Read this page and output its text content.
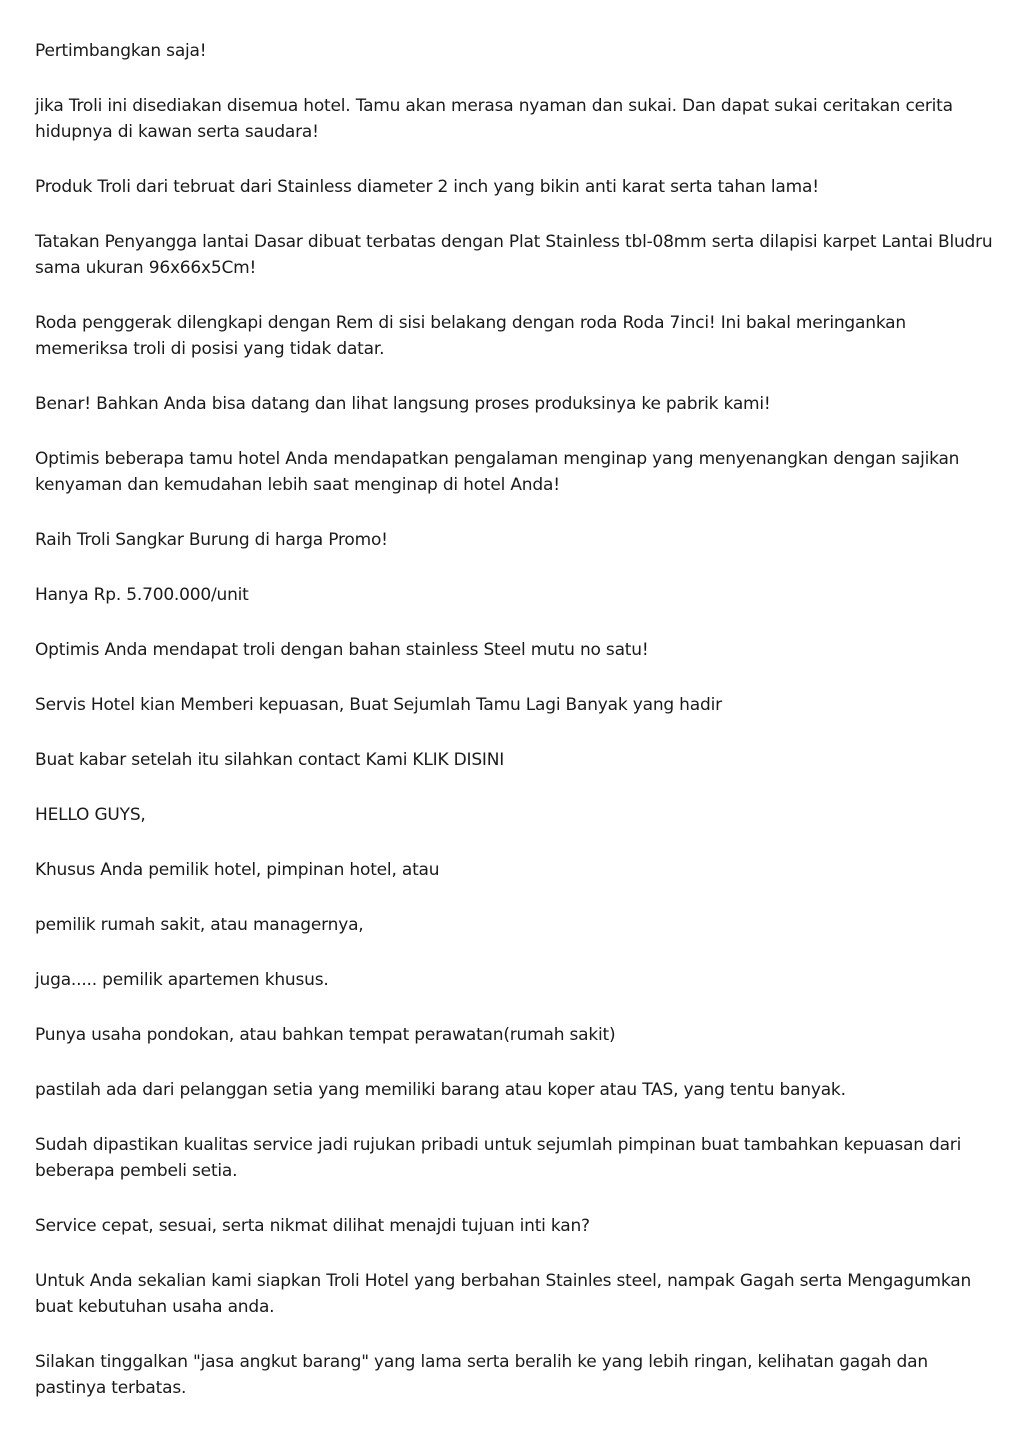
Pertimbangkan saja!

jika Troli ini disediakan disemua hotel. Tamu akan merasa nyaman dan sukai. Dan dapat sukai ceritakan cerita hidupnya di kawan serta saudara!

Produk Troli dari tebruat dari Stainless diameter 2 inch yang bikin anti karat serta tahan lama!

Tatakan Penyangga lantai Dasar dibuat terbatas dengan Plat Stainless tbl-08mm serta dilapisi karpet Lantai Bludru sama ukuran 96x66x5Cm!

Roda penggerak dilengkapi dengan Rem di sisi belakang dengan roda Roda 7inci! Ini bakal meringankan memeriksa troli di posisi yang tidak datar.

Benar! Bahkan Anda bisa datang dan lihat langsung proses produksinya ke pabrik kami!

Optimis beberapa tamu hotel Anda mendapatkan pengalaman menginap yang menyenangkan dengan sajikan kenyaman dan kemudahan lebih saat menginap di hotel Anda!

Raih Troli Sangkar Burung di harga Promo!

Hanya Rp. 5.700.000/unit

Optimis Anda mendapat troli dengan bahan stainless Steel mutu no satu!

Servis Hotel kian Memberi kepuasan, Buat Sejumlah Tamu Lagi Banyak yang hadir

Buat kabar setelah itu silahkan contact Kami KLIK DISINI

HELLO GUYS,

Khusus Anda pemilik hotel, pimpinan hotel, atau

pemilik rumah sakit, atau managernya,

juga..... pemilik apartemen khusus.

Punya usaha pondokan, atau bahkan tempat perawatan(rumah sakit)

pastilah ada dari pelanggan setia yang memiliki barang atau koper atau TAS, yang tentu banyak.

Sudah dipastikan kualitas service jadi rujukan pribadi untuk sejumlah pimpinan buat tambahkan kepuasan dari beberapa pembeli setia.

Service cepat, sesuai, serta nikmat dilihat menajdi tujuan inti kan?

Untuk Anda sekalian kami siapkan Troli Hotel yang berbahan Stainles steel, nampak Gagah serta Mengagumkan buat kebutuhan usaha anda.

Silakan tinggalkan "jasa angkut barang" yang lama serta beralih ke yang lebih ringan, kelihatan gagah dan pastinya terbatas.
